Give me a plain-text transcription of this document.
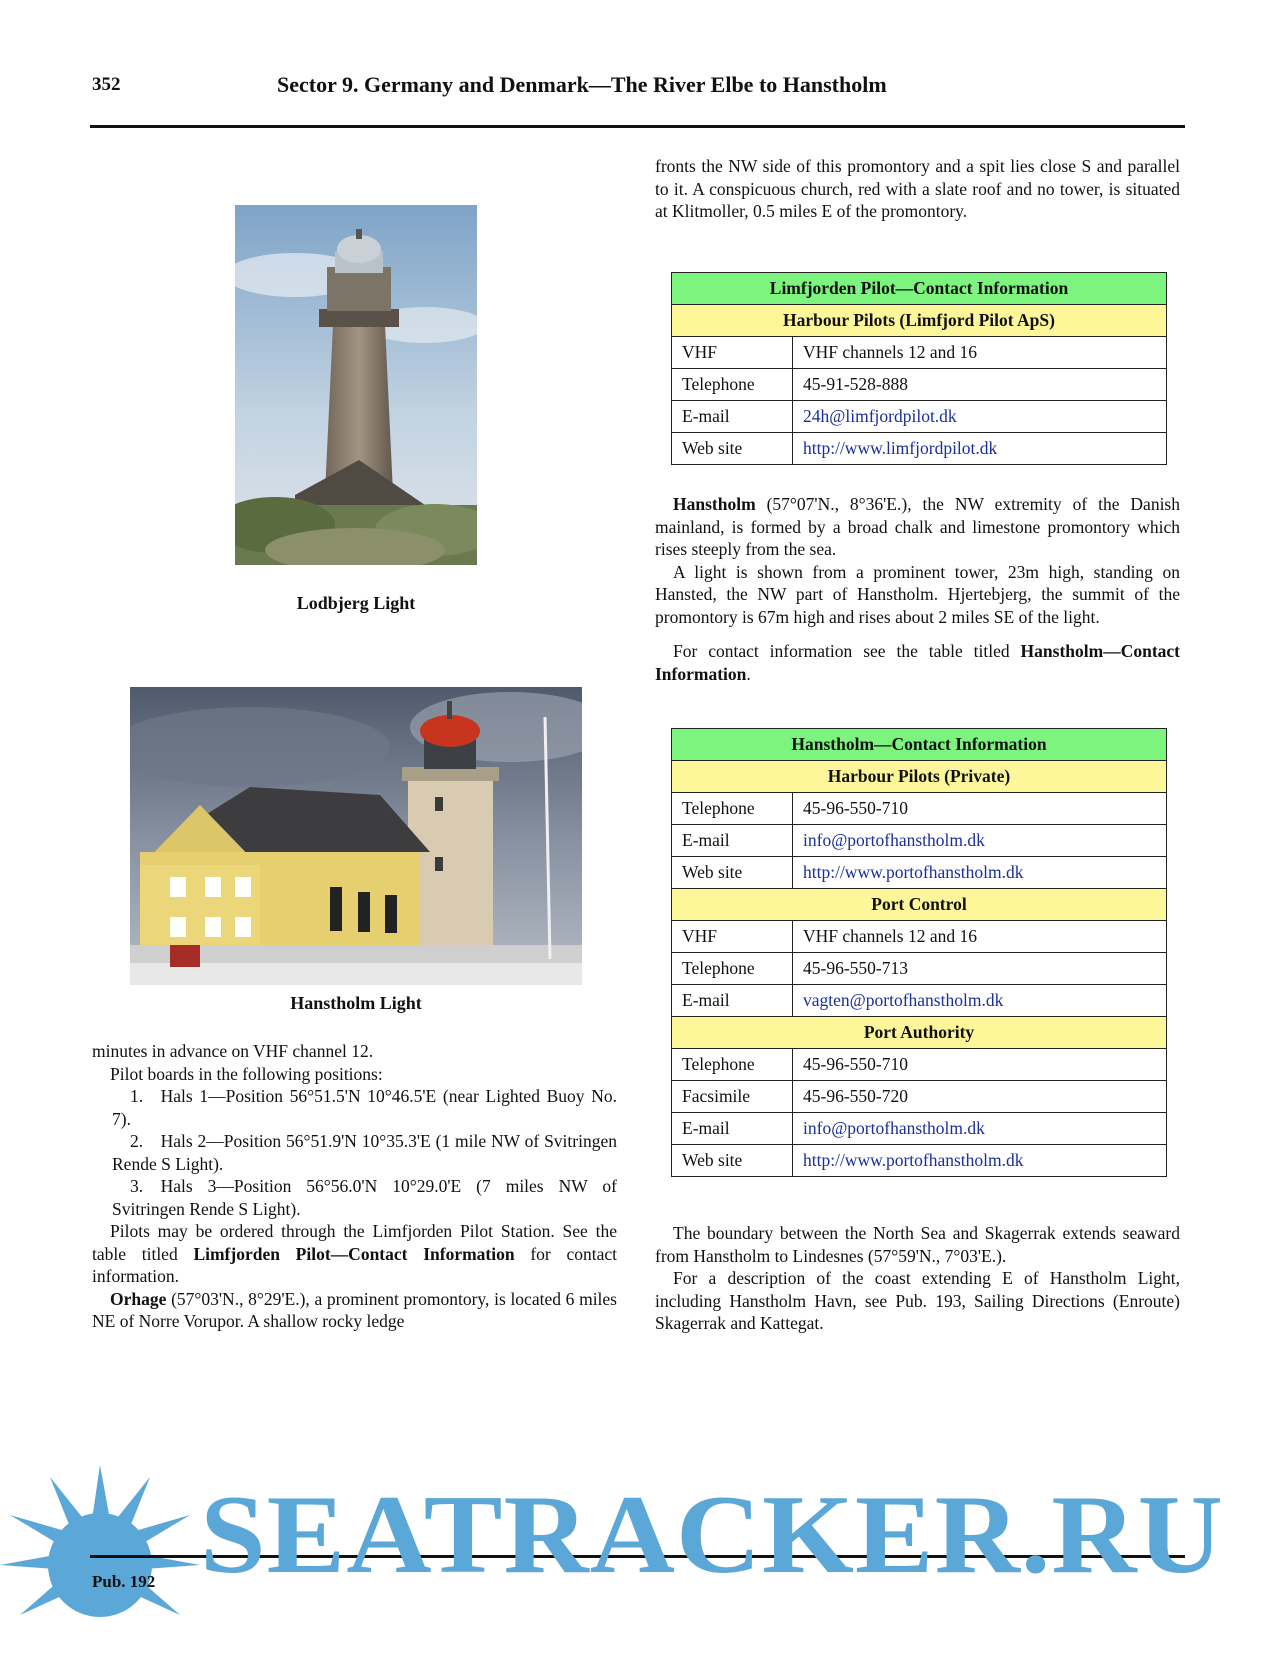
352	Sector 9. Germany and Denmark—The River Elbe to Hanstholm
Lodbjerg Light
Hanstholm Light

minutes in advance on VHF channel 12.

Pilot boards in the following positions:

1. Hals 1—Position 56°51.5'N 10°46.5'E (near Lighted Buoy No. 7).

2. Hals 2—Position 56°51.9'N 10°35.3'E (1 mile NW of Svitringen Rende S Light).

3. Hals 3—Position 56°56.0'N 10°29.0'E (7 miles NW of Svitringen Rende S Light).

Pilots may be ordered through the Limfjorden Pilot Station. See the table titled Limfjorden Pilot—Contact Information for contact information.

Orhage (57°03'N., 8°29'E.), a prominent promontory, is located 6 miles NE of Norre Vorupor. A shallow rocky ledge

fronts the NW side of this promontory and a spit lies close S and parallel to it. A conspicuous church, red with a slate roof and no tower, is situated at Klitmoller, 0.5 miles E of the promontory.

Limfjorden Pilot—Contact Information	
Harbour Pilots (Limfjord Pilot ApS)	
VHF	VHF channels 12 and 16
Telephone	45-91-528-888
E-mail	24h@limfjordpilot.dk
Web site	http://www.limfjordpilot.dk

Hanstholm (57°07'N., 8°36'E.), the NW extremity of the Danish mainland, is formed by a broad chalk and limestone promontory which rises steeply from the sea.

A light is shown from a prominent tower, 23m high, standing on Hansted, the NW part of Hanstholm. Hjertebjerg, the summit of the promontory is 67m high and rises about 2 miles SE of the light.

For contact information see the table titled Hanstholm—Contact Information.

Hanstholm—Contact Information	
Harbour Pilots (Private)	
Telephone	45-96-550-710
E-mail	info@portofhanstholm.dk
Web site	http://www.portofhanstholm.dk
Port Control	
VHF	VHF channels 12 and 16
Telephone	45-96-550-713
E-mail	vagten@portofhanstholm.dk
Port Authority	
Telephone	45-96-550-710
Facsimile	45-96-550-720
E-mail	info@portofhanstholm.dk
Web site	http://www.portofhanstholm.dk

The boundary between the North Sea and Skagerrak extends seaward from Hanstholm to Lindesnes (57°59'N., 7°03'E.).

For a description of the coast extending E of Hanstholm Light, including Hanstholm Havn, see Pub. 193, Sailing Directions (Enroute) Skagerrak and Kattegat.

SEATRACKER.RU
Pub. 192
